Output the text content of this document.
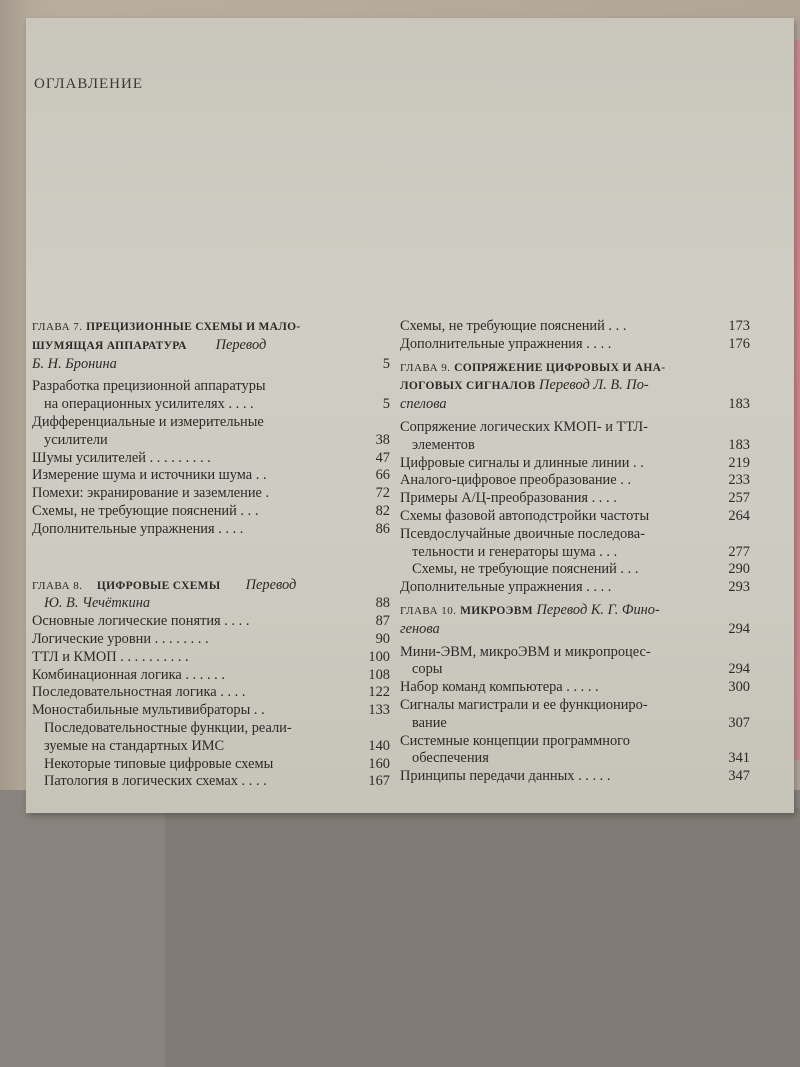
ОГЛАВЛЕНИЕ
ГЛАВА 7. ПРЕЦИЗИОННЫЕ СХЕМЫ И МАЛО-
ШУМЯЩАЯ АППАРАТУРА Перевод
Б. Н. Бронина	5
Разработка прецизионной аппаратуры
на операционных усилителях . . . .	5
Дифференциальные и измерительные
усилители	38
Шумы усилителей . . . . . . . . .	47
Измерение шума и источники шума . .	66
Помехи: экранирование и заземление .	72
Схемы, не требующие пояснений . . .	82
Дополнительные упражнения . . . .	86
ГЛАВА 8. ЦИФРОВЫЕ СХЕМЫ Перевод
Ю. В. Чечёткина	88
Основные логические понятия . . . .	87
Логические уровни . . . . . . . .	90
ТТЛ и КМОП . . . . . . . . . .	100
Комбинационная логика . . . . . .	108
Последовательностная логика . . . .	122
Моностабильные мультивибраторы . .	133
Последовательностные функции, реали-
зуемые на стандартных ИМС	140
Некоторые типовые цифровые схемы	160
Патология в логических схемах . . . .	167
Схемы, не требующие пояснений . . .	173
Дополнительные упражнения . . . .	176
ГЛАВА 9. СОПРЯЖЕНИЕ ЦИФРОВЫХ И АНА-
ЛОГОВЫХ СИГНАЛОВ Перевод Л. В. По-
спелова	183
Сопряжение логических КМОП- и ТТЛ-
элементов	183
Цифровые сигналы и длинные линии . .	219
Аналого-цифровое преобразование . .	233
Примеры А/Ц-преобразования . . . .	257
Схемы фазовой автоподстройки частоты	264
Псевдослучайные двоичные последова-
тельности и генераторы шума . . .	277
Схемы, не требующие пояснений . . .	290
Дополнительные упражнения . . . .	293
ГЛАВА 10. МИКРОЭВМ Перевод К. Г. Фино-
генова	294
Мини-ЭВМ, микроЭВМ и микропроцес-
соры	294
Набор команд компьютера . . . . .	300
Сигналы магистрали и ее функциониро-
вание	307
Системные концепции программного
обеспечения	341
Принципы передачи данных . . . . .	347
